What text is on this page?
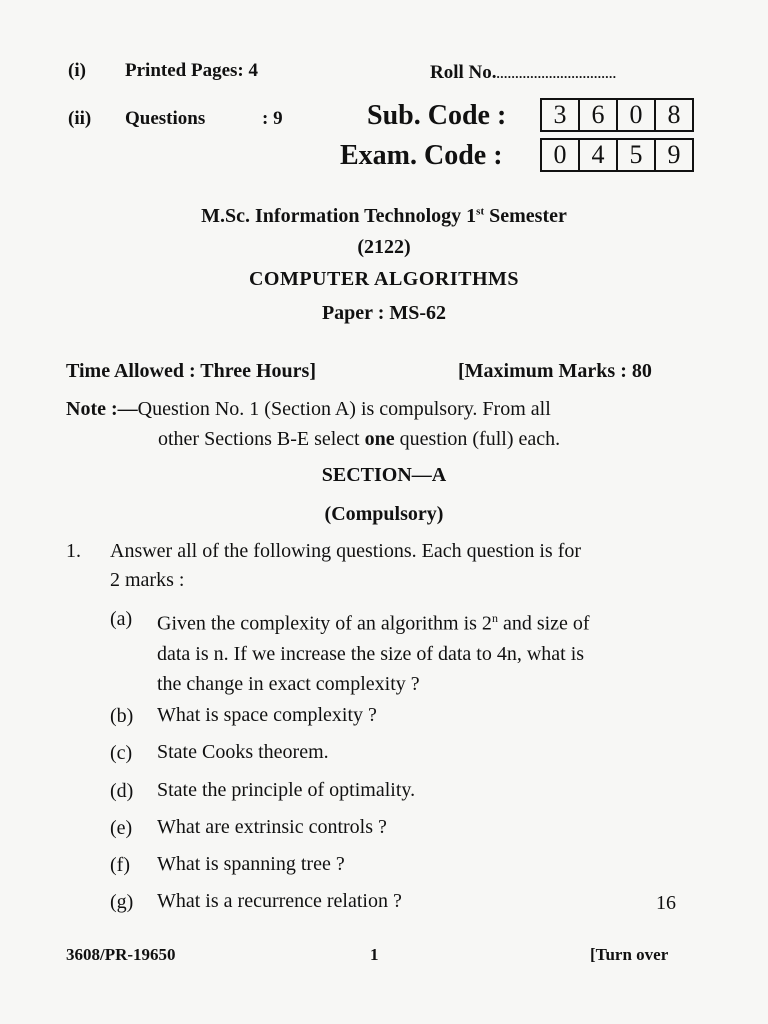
(i) Printed Pages: 4	Roll No.................................
(ii) Questions	: 9	Sub. Code :	3 6 0 8
Exam. Code :	0 4 5 9
M.Sc. Information Technology 1st Semester
(2122)
COMPUTER ALGORITHMS
Paper : MS-62
Time Allowed : Three Hours]	[Maximum Marks : 80
Note :—Question No. 1 (Section A) is compulsory. From all
other Sections B-E select one question (full) each.
SECTION—A
(Compulsory)
1. Answer all of the following questions. Each question is for
2 marks :
(a)	Given the complexity of an algorithm is 2$^n$ and size of
data is n. If we increase the size of data to 4n, what is
the change in exact complexity ?
(b)	What is space complexity ?
(c)	State Cooks theorem.
(d)	State the principle of optimality.
(e)	What are extrinsic controls ?
(f)	What is spanning tree ?
(g)	What is a recurrence relation ?	16
3608/PR-19650	1	[Turn over
